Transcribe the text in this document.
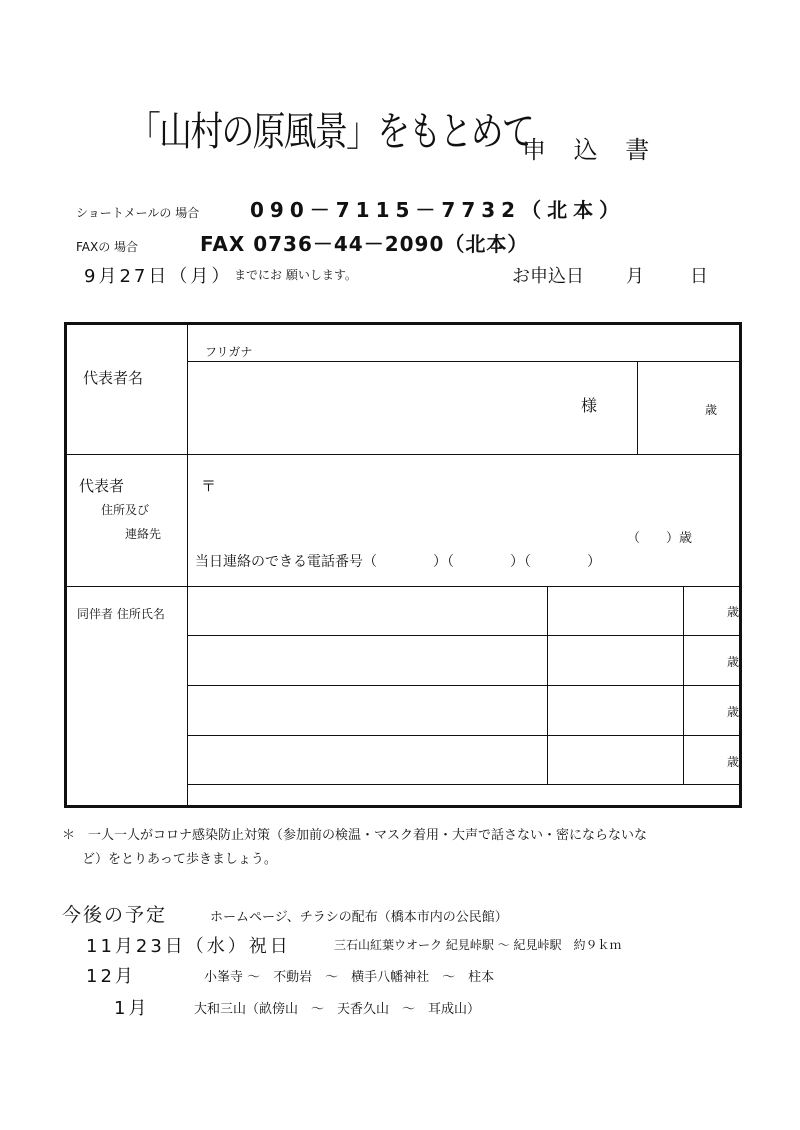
「山村の原風景」をもとめて
申 込 書
ショートメールの 場合	090－7115－7732（北本）
FAXの 場合	FAX 0736－44－2090（北本）
9月27日（月） までにお 願いします。	お申込日 月	日
フリガナ
代表者名
様	歳
代表者
住所及び
連絡先
〒
（　　）歳
当日連絡のできる電話番号（　　　　）（　　　　）（　　　　）
同伴者 住所氏名	歳
歳
歳
歳
＊　一人一人がコロナ感染防止対策（参加前の検温・マスク着用・大声で話さない・密にならないな
ど）をとりあって歩きましょう。
今後の予定	ホームページ、チラシの配布（橋本市内の公民館）
11月23日（水）祝日	三石山紅葉ウオーク 紀見峠駅 ～ 紀見峠駅　約９ｋｍ
12月	小峯寺 ～　不動岩　～　横手八幡神社　～　柱本
1月	大和三山（畝傍山　～　天香久山　～　耳成山）
